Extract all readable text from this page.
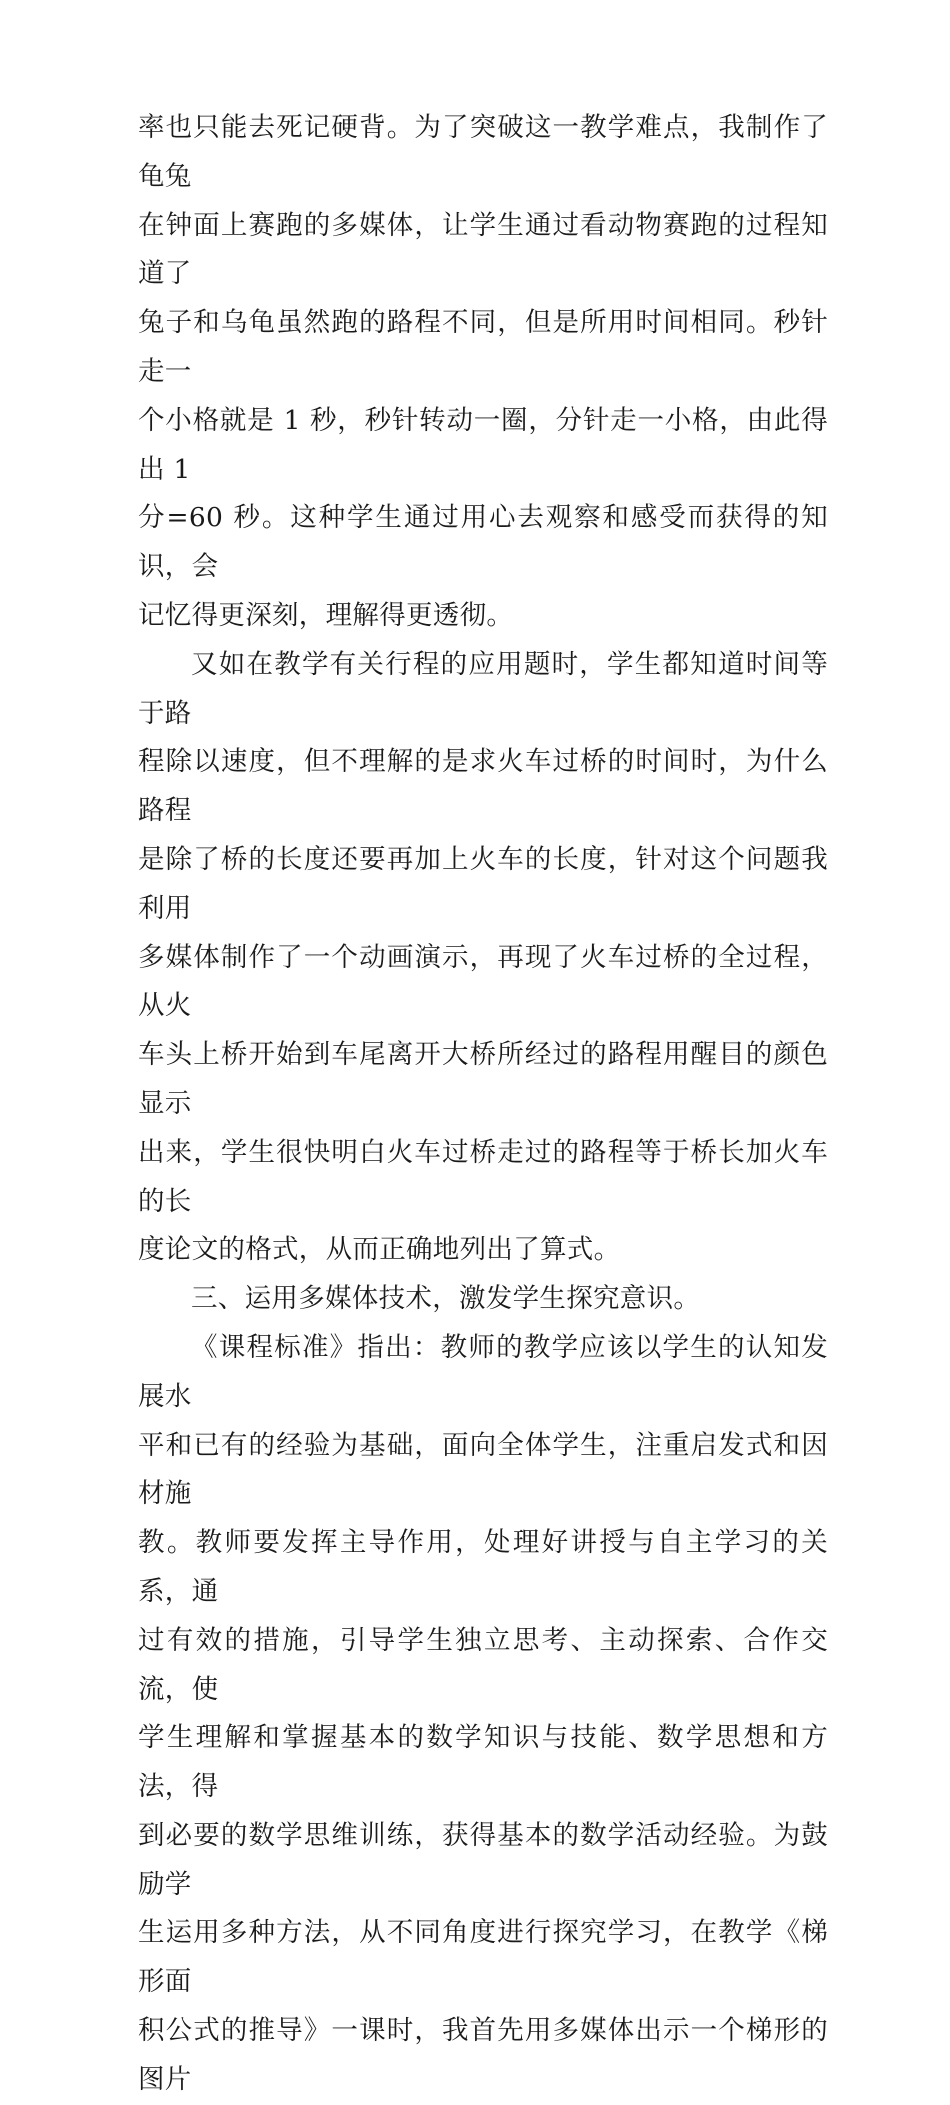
率也只能去死记硬背。为了突破这一教学难点，我制作了龟兔
在钟面上赛跑的多媒体，让学生通过看动物赛跑的过程知道了
兔子和乌龟虽然跑的路程不同，但是所用时间相同。秒针走一
个小格就是 1 秒，秒针转动一圈，分针走一小格，由此得出 1
分=60 秒。这种学生通过用心去观察和感受而获得的知识，会
记忆得更深刻，理解得更透彻。

又如在教学有关行程的应用题时，学生都知道时间等于路
程除以速度，但不理解的是求火车过桥的时间时，为什么路程
是除了桥的长度还要再加上火车的长度，针对这个问题我利用
多媒体制作了一个动画演示，再现了火车过桥的全过程，从火
车头上桥开始到车尾离开大桥所经过的路程用醒目的颜色显示
出来，学生很快明白火车过桥走过的路程等于桥长加火车的长
度论文的格式，从而正确地列出了算式。

三、运用多媒体技术，激发学生探究意识。

《课程标准》指出：教师的教学应该以学生的认知发展水
平和已有的经验为基础，面向全体学生，注重启发式和因材施
教。教师要发挥主导作用，处理好讲授与自主学习的关系，通
过有效的措施，引导学生独立思考、主动探索、合作交流，使
学生理解和掌握基本的数学知识与技能、数学思想和方法，得
到必要的数学思维训练，获得基本的数学活动经验。为鼓励学
生运用多种方法，从不同角度进行探究学习，在教学《梯形面
积公式的推导》一课时，我首先用多媒体出示一个梯形的图片
